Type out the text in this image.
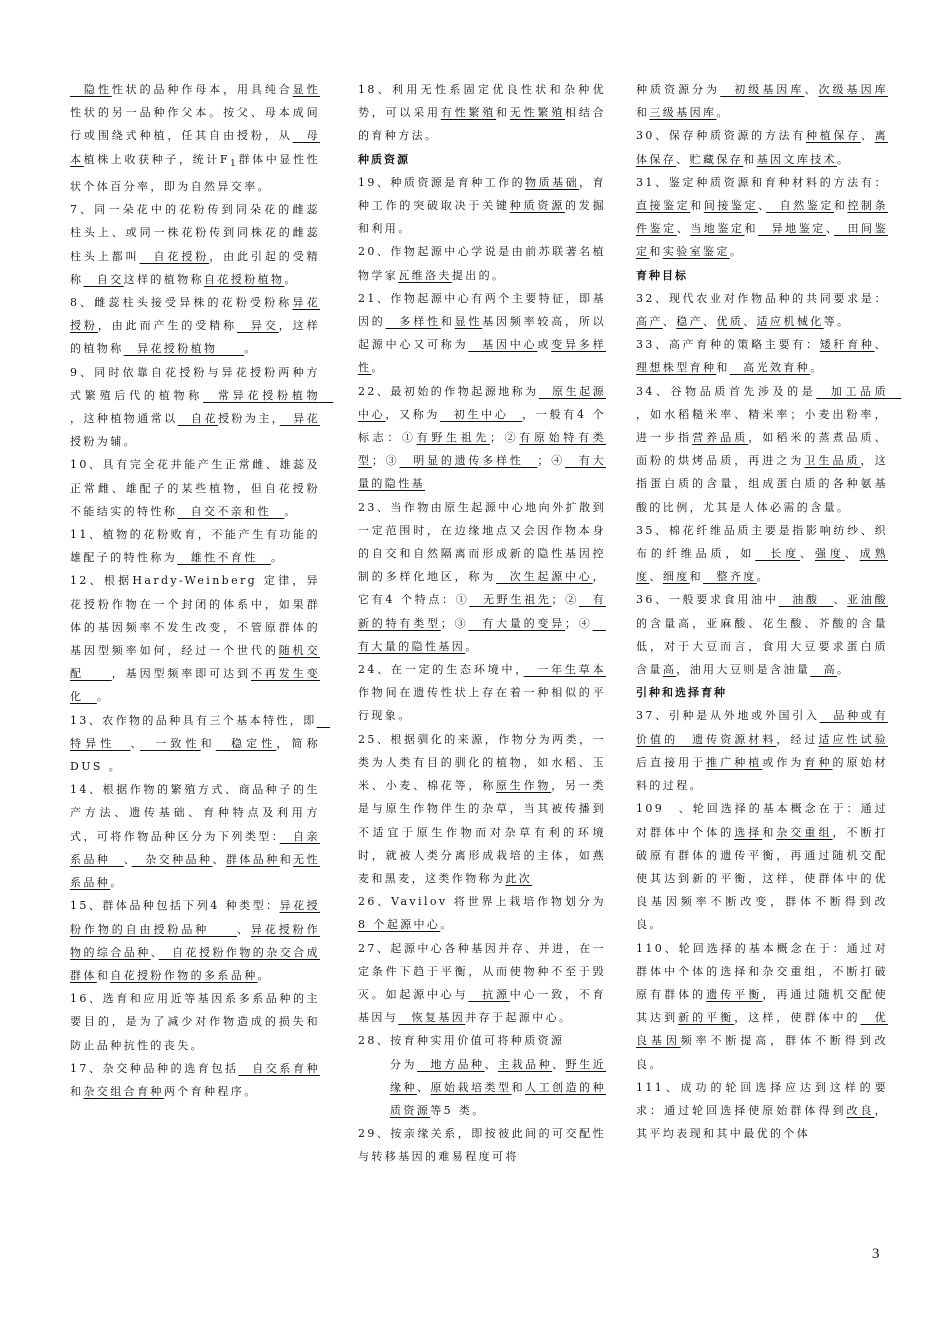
　隐性性状的品种作母本，用具纯合显性性状的另一品种作父本。按父、母本成间行或围绕式种植，任其自由授粉，从　母本植株上收获种子，统计$F_1$群体中显性性状个体百分率，即为自然异交率。

7、同一朵花中的花粉传到同朵花的雌蕊柱头上、或同一株花粉传到同株花的雌蕊柱头上都叫　自花授粉，由此引起的受精称　自交这样的植物称自花授粉植物。

8、雌蕊柱头接受异株的花粉受粉称异花授粉，由此而产生的受精称　异交，这样的植物称　异花授粉植物　　。

9、同时依靠自花授粉与异花授粉两种方式繁殖后代的植物称　常异花授粉植物　，这种植物通常以　自花授粉为主，　异花授粉为辅。

10、具有完全花并能产生正常雌、雄蕊及正常雌、雄配子的某些植物，但自花授粉不能结实的特性称　自交不亲和性　。

11、植物的花粉败育，不能产生有功能的雄配子的特性称为　雄性不育性　。

12、根据Hardy-Weinberg 定律，异花授粉作物在一个封闭的体系中，如果群体的基因频率不发生改变，不管原群体的基因型频率如何，经过一个世代的随机交配　　，基因型频率即可达到不再发生变化　。

13、农作物的品种具有三个基本特性，即　特异性　、　一致性和　稳定性，简称DUS 。

14、根据作物的繁殖方式、商品种子的生产方法、遗传基础、育种特点及利用方式，可将作物品种区分为下列类型：　自亲系品种　、　杂交种品种、群体品种和无性系品种。

15、群体品种包括下列4 种类型：异花授粉作物的自由授粉品种　　、异花授粉作物的综合品种、　自花授粉作物的杂交合成群体和自花授粉作物的多系品种。

16、选育和应用近等基因系多系品种的主要目的，是为了减少对作物造成的损失和防止品种抗性的丧失。

17、杂交种品种的选育包括　自交系育种和杂交组合育种两个育种程序。

18、利用无性系固定优良性状和杂种优势，可以采用有性繁殖和无性繁殖相结合的育种方法。

种质资源

19、种质资源是育种工作的物质基础，育种工作的突破取决于关键种质资源的发掘和利用。

20、作物起源中心学说是由前苏联著名植物学家瓦维洛夫提出的。

21、作物起源中心有两个主要特征，即基因的　多样性和显性基因频率较高，所以起源中心又可称为　基因中心或变异多样性。

22、最初始的作物起源地称为　原生起源中心，又称为　初生中心　，一般有4 个标志：①有野生祖先；②有原始特有类型；③　明显的遗传多样性　；④　有大量的隐性基

23、当作物由原生起源中心地向外扩散到一定范围时，在边缘地点又会因作物本身的自交和自然隔离而形成新的隐性基因控制的多样化地区，称为　次生起源中心，它有4 个特点：①　无野生祖先；②　有新的特有类型；③　有大量的变异；④　有大量的隐性基因。

24、在一定的生态环境中，　一年生草本作物间在遗传性状上存在着一种相似的平行现象。

25、根据驯化的来源，作物分为两类，一类为人类有目的驯化的植物，如水稻、玉米、小麦、棉花等，称原生作物，另一类是与原生作物伴生的杂草，当其被传播到不适宜于原生作物而对杂草有利的环境时，就被人类分离形成栽培的主体，如燕麦和黑麦，这类作物称为此次

26、Vavilov 将世界上栽培作物划分为8 个起源中心。

27、起源中心各种基因并存、并进，在一定条件下趋于平衡，从而使物种不至于毁灭。如起源中心与　抗源中心一致，不育基因与　恢复基因并存于起源中心。

28、按育种实用价值可将种质资源

分为　地方品种、主栽品种、野生近缘种、原始栽培类型和人工创造的种质资源等5 类。

29、按亲缘关系，即按彼此间的可交配性与转移基因的难易程度可将

种质资源分为　初级基因库、次级基因库和三级基因库。

30、保存种质资源的方法有种植保存、离体保存、贮藏保存和基因文库技术。

31、鉴定种质资源和育种材料的方法有：直接鉴定和间接鉴定、　自然鉴定和控制条件鉴定、当地鉴定和　异地鉴定、　田间鉴定和实验室鉴定。

育种目标

32、现代农业对作物品种的共同要求是：高产、稳产、优质、适应机械化等。

33、高产育种的策略主要有：矮秆育种、理想株型育种和　高光效育种。

34、谷物品质首先涉及的是　加工品质　，如水稻糙米率、精米率；小麦出粉率，进一步指营养品质，如稻米的蒸煮品质、面粉的烘烤品质，再进之为卫生品质，这指蛋白质的含量，组成蛋白质的各种氨基酸的比例，尤其是人体必需的含量。

35、棉花纤维品质主要是指影响纺纱、织布的纤维品质，如　长度、强度、成熟度、细度和　整齐度。

36、一般要求食用油中　油酸　、亚油酸的含量高，亚麻酸、花生酸、芥酸的含量低，对于大豆而言，食用大豆要求蛋白质含量高，油用大豆则是含油量　高。

引种和选择育种

37、引种是从外地或外国引入　品种或有价值的　遗传资源材料，经过适应性试验后直接用于推广种植或作为育种的原始材料的过程。

109　、轮回选择的基本概念在于：通过对群体中个体的选择和杂交重组，不断打破原有群体的遗传平衡，再通过随机交配使其达到新的平衡，这样，使群体中的优良基因频率不断改变，群体不断得到改良。

110、轮回选择的基本概念在于：通过对群体中个体的选择和杂交重组，不断打破原有群体的遗传平衡，再通过随机交配使其达到新的平衡，这样，使群体中的　优良基因频率不断提高，群体不断得到改良。

111、成功的轮回选择应达到这样的要求：通过轮回选择使原始群体得到改良，其平均表现和其中最优的个体

3
